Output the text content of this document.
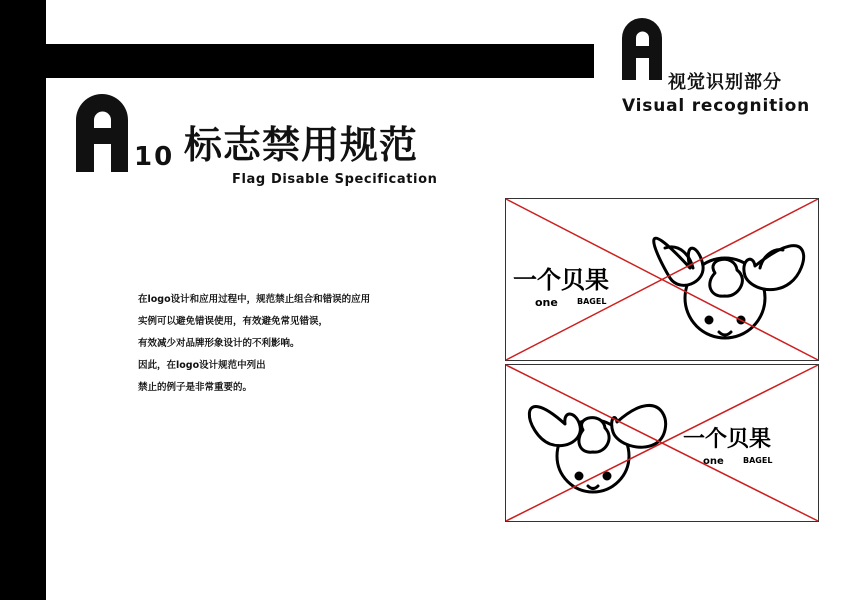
视觉识别部分
Visual recognition
10 标志禁用规范
Flag Disable Specification

在logo设计和应用过程中，规范禁止组合和错误的应用

实例可以避免错误使用，有效避免常见错误，

有效减少对品牌形象设计的不利影响。

因此，在logo设计规范中列出

禁止的例子是非常重要的。

一个贝果
one BAGEL
一个贝果
one BAGEL
